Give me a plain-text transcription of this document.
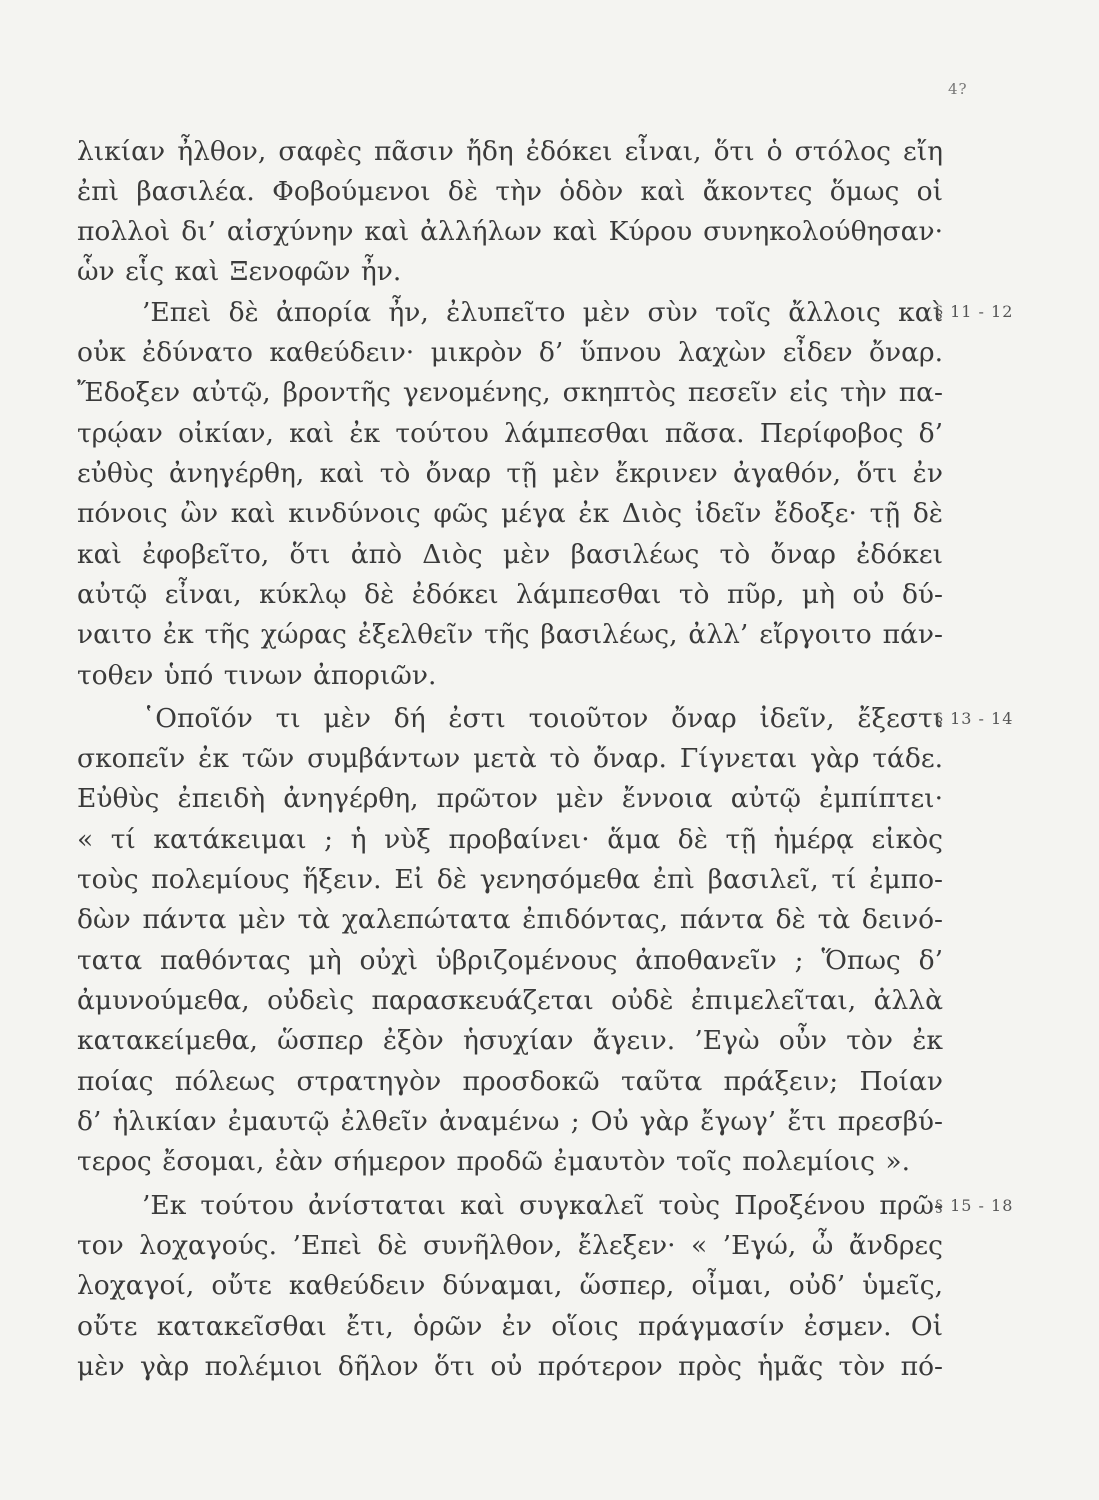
4?
λικίαν ἦλθον, σαφὲς πᾶσιν ἤδη ἐδόκει εἶναι, ὅτι ὁ στόλος εἴη
ἐπὶ βασιλέα. Φοβούμενοι δὲ τὴν ὁδὸν καὶ ἄκοντες ὅμως οἱ
πολλοὶ δι’ αἰσχύνην καὶ ἀλλήλων καὶ Κύρου συνηκολούθησαν·
ὧν εἷς καὶ Ξενοφῶν ἦν.
’Επεὶ δὲ ἀπορία ἦν, ἐλυπεῖτο μὲν σὺν τοῖς ἄλλοις καὶ
οὐκ ἐδύνατο καθεύδειν· μικρὸν δ’ ὕπνου λαχὼν εἶδεν ὄναρ.
Ἔδοξεν αὐτῷ, βροντῆς γενομένης, σκηπτὸς πεσεῖν εἰς τὴν πα-
τρῴαν οἰκίαν, καὶ ἐκ τούτου λάμπεσθαι πᾶσα. Περίφοβος δ’
εὐθὺς ἀνηγέρθη, καὶ τὸ ὄναρ τῇ μὲν ἔκρινεν ἀγαθόν, ὅτι ἐν
πόνοις ὢν καὶ κινδύνοις φῶς μέγα ἐκ Διὸς ἰδεῖν ἔδοξε· τῇ δὲ
καὶ ἐφοβεῖτο, ὅτι ἀπὸ Διὸς μὲν βασιλέως τὸ ὄναρ ἐδόκει
αὐτῷ εἶναι, κύκλῳ δὲ ἐδόκει λάμπεσθαι τὸ πῦρ, μὴ οὐ δύ-
ναιτο ἐκ τῆς χώρας ἐξελθεῖν τῆς βασιλέως, ἀλλ’ εἴργοιτο πάν-
τοθεν ὑπό τινων ἀποριῶν.
῾Οποῖόν τι μὲν δή ἐστι τοιοῦτον ὄναρ ἰδεῖν, ἔξεστι
σκοπεῖν ἐκ τῶν συμβάντων μετὰ τὸ ὄναρ. Γίγνεται γὰρ τάδε.
Εὐθὺς ἐπειδὴ ἀνηγέρθη, πρῶτον μὲν ἔννοια αὐτῷ ἐμπίπτει·
« τί κατάκειμαι ; ἡ νὺξ προβαίνει· ἅμα δὲ τῇ ἡμέρᾳ εἰκὸς
τοὺς πολεμίους ἥξειν. Εἰ δὲ γενησόμεθα ἐπὶ βασιλεῖ, τί ἐμπο-
δὼν πάντα μὲν τὰ χαλεπώτατα ἐπιδόντας, πάντα δὲ τὰ δεινό-
τατα παθόντας μὴ οὐχὶ ὑβριζομένους ἀποθανεῖν ; Ὅπως δ’
ἀμυνούμεθα, οὐδεὶς παρασκευάζεται οὐδὲ ἐπιμελεῖται, ἀλλὰ
κατακείμεθα, ὥσπερ ἐξὸν ἡσυχίαν ἄγειν. ’Εγὼ οὖν τὸν ἐκ
ποίας πόλεως στρατηγὸν προσδοκῶ ταῦτα πράξειν; Ποίαν
δ’ ἡλικίαν ἐμαυτῷ ἐλθεῖν ἀναμένω ; Οὐ γὰρ ἔγωγ’ ἔτι πρεσβύ-
τερος ἔσομαι, ἐὰν σήμερον προδῶ ἐμαυτὸν τοῖς πολεμίοις ».
’Εκ τούτου ἀνίσταται καὶ συγκαλεῖ τοὺς Προξένου πρῶ-
τον λοχαγούς. ’Επεὶ δὲ συνῆλθον, ἔλεξεν· « ’Εγώ, ὦ ἄνδρες
λοχαγοί, οὔτε καθεύδειν δύναμαι, ὥσπερ, οἶμαι, οὐδ’ ὑμεῖς,
οὔτε κατακεῖσθαι ἔτι, ὁρῶν ἐν οἵοις πράγμασίν ἐσμεν. Οἱ
μὲν γὰρ πολέμιοι δῆλον ὅτι οὐ πρότερον πρὸς ἡμᾶς τὸν πό-
§ 11 - 12
§ 13 - 14
§ 15 - 18
